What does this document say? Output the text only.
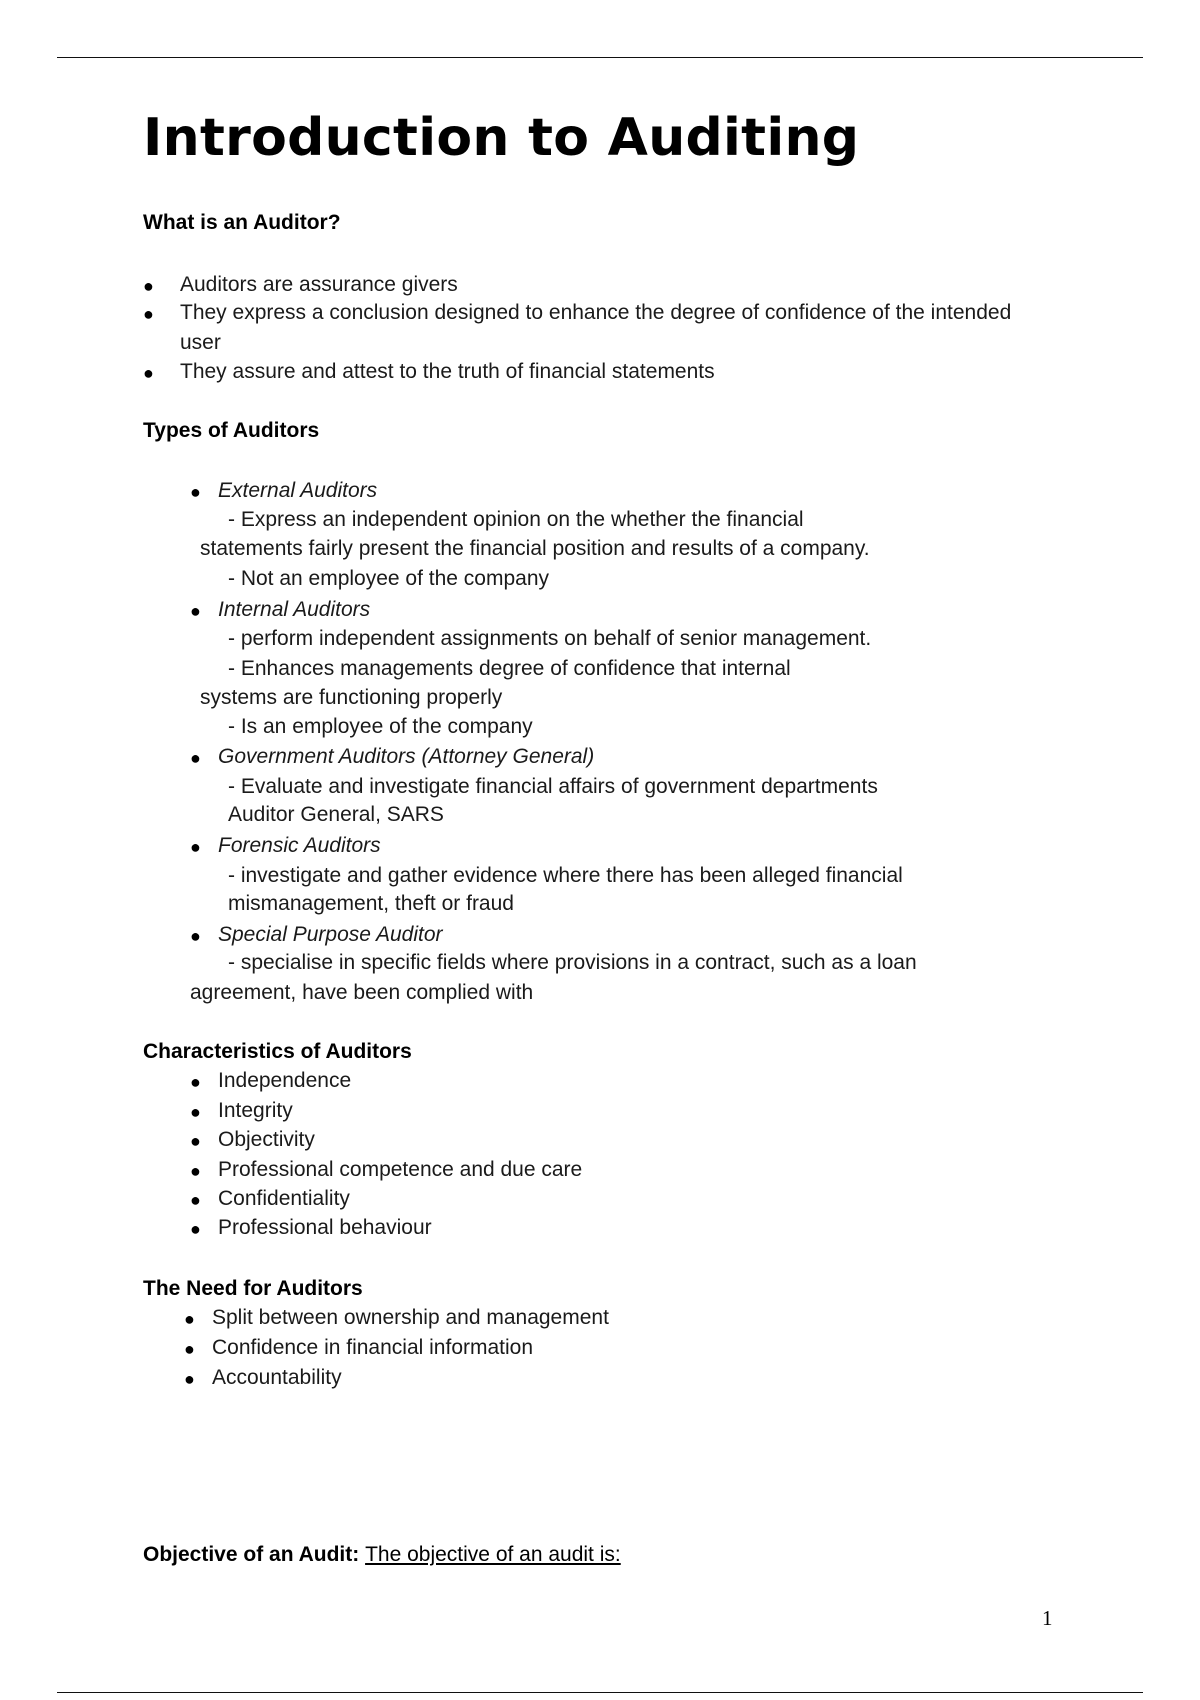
Introduction to Auditing
What is an Auditor?
● Auditors are assurance givers
● They express a conclusion designed to enhance the degree of confidence of the intended
user
● They assure and attest to the truth of financial statements
Types of Auditors
● External Auditors
- Express an independent opinion on the whether the financial
statements fairly present the financial position and results of a company.
- Not an employee of the company
● Internal Auditors
- perform independent assignments on behalf of senior management.
- Enhances managements degree of confidence that internal
systems are functioning properly
- Is an employee of the company
● Government Auditors (Attorney General)
- Evaluate and investigate financial affairs of government departments
Auditor General, SARS
● Forensic Auditors
- investigate and gather evidence where there has been alleged financial
mismanagement, theft or fraud
● Special Purpose Auditor
- specialise in specific fields where provisions in a contract, such as a loan
agreement, have been complied with
Characteristics of Auditors
● Independence
● Integrity
● Objectivity
● Professional competence and due care
● Confidentiality
● Professional behaviour
The Need for Auditors
● Split between ownership and management
● Confidence in financial information
● Accountability
Objective of an Audit: The objective of an audit is:
1
